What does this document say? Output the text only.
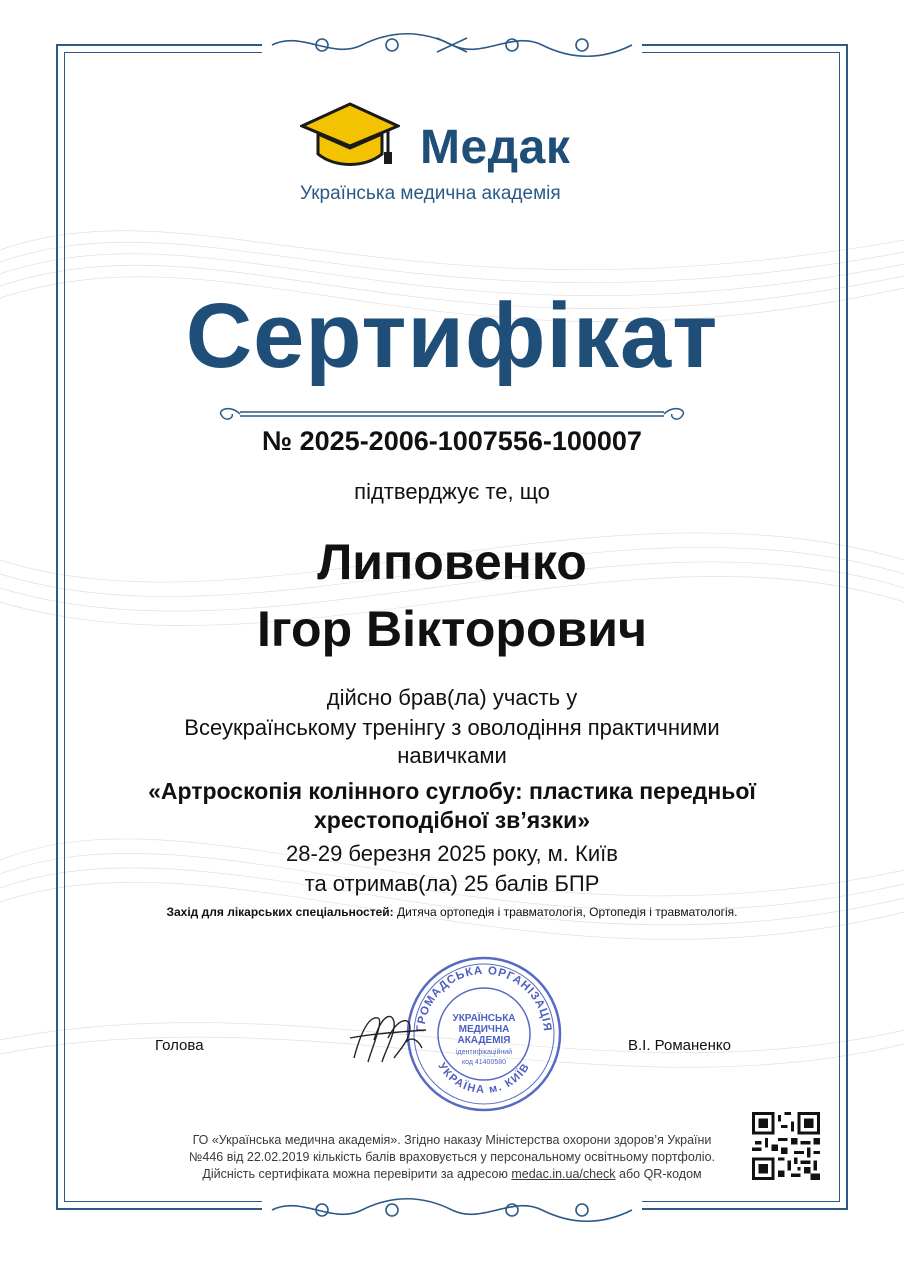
Медак
Українська медична академія
Сертифікат
№ 2025-2006-1007556-100007
підтверджує те, що
Липовенко
Ігор Вікторович
дійсно брав(ла) участь у
Всеукраїнському тренінгу з оволодіння практичними
навичками
«Артроскопія колінного суглобу: пластика передньої
хрестоподібної зв’язки»
28-29 березня 2025 року, м. Київ
та отримав(ла) 25 балів БПР
Захід для лікарських спеціальностей: Дитяча ортопедія і травматологія, Ортопедія і травматологія.
ГРОМАДСЬКА ОРГАНІЗАЦІЯ
УКРАЇНА м. КИЇВ
УКРАЇНСЬКА
МЕДИЧНА
АКАДЕМІЯ
ідентифікаційний
код 41400580
Голова	В.І. Романенко
ГО «Українська медична академія». Згідно наказу Міністерства охорони здоров’я України
№446 від 22.02.2019 кількість балів враховується у персональному освітньому портфоліо.
Дійсність сертифіката можна перевірити за адресою medac.in.ua/check або QR-кодом
